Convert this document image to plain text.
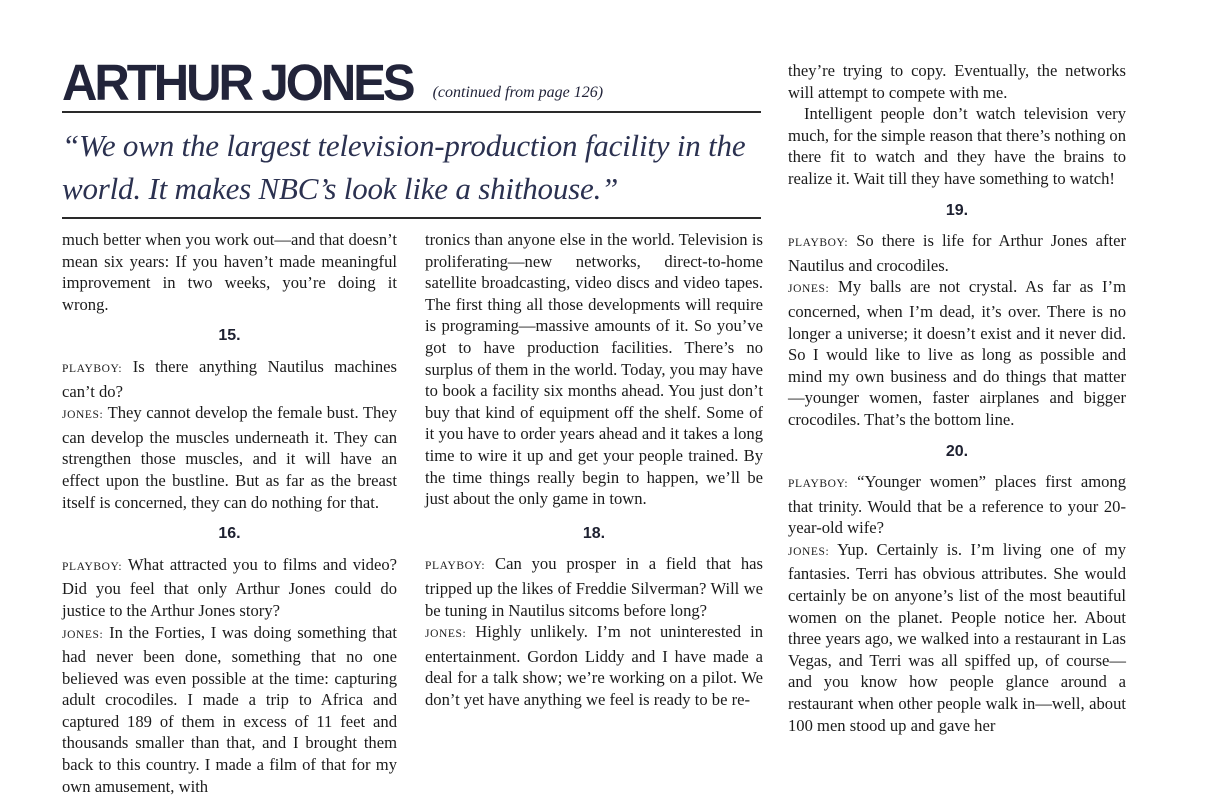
ARTHUR JONES (continued from page 126)
“We own the largest television-production facility in the world. It makes NBC’s look like a shithouse.”

much better when you work out—and that doesn’t mean six years: If you haven’t made meaningful improvement in two weeks, you’re doing it wrong.

15.

PLAYBOY: Is there anything Nautilus machines can’t do?

JONES: They cannot develop the female bust. They can develop the muscles underneath it. They can strengthen those muscles, and it will have an effect upon the bustline. But as far as the breast itself is concerned, they can do nothing for that.

16.

PLAYBOY: What attracted you to films and video? Did you feel that only Arthur Jones could do justice to the Arthur Jones story?

JONES: In the Forties, I was doing something that had never been done, something that no one believed was even possible at the time: capturing adult crocodiles. I made a trip to Africa and captured 189 of them in excess of 11 feet and thousands smaller than that, and I brought them back to this country. I made a film of that for my own amusement, with

tronics than anyone else in the world. Television is proliferating—new networks, direct-to-home satellite broadcasting, video discs and video tapes. The first thing all those developments will require is programing—massive amounts of it. So you’ve got to have production facilities. There’s no surplus of them in the world. Today, you may have to book a facility six months ahead. You just don’t buy that kind of equipment off the shelf. Some of it you have to order years ahead and it takes a long time to wire it up and get your people trained. By the time things really begin to happen, we’ll be just about the only game in town.

18.

PLAYBOY: Can you prosper in a field that has tripped up the likes of Freddie Silverman? Will we be tuning in Nautilus sitcoms before long?

JONES: Highly unlikely. I’m not uninterested in entertainment. Gordon Liddy and I have made a deal for a talk show; we’re working on a pilot. We don’t yet have anything we feel is ready to be re-

they’re trying to copy. Eventually, the networks will attempt to compete with me.

Intelligent people don’t watch television very much, for the simple reason that there’s nothing on there fit to watch and they have the brains to realize it. Wait till they have something to watch!

19.

PLAYBOY: So there is life for Arthur Jones after Nautilus and crocodiles.

JONES: My balls are not crystal. As far as I’m concerned, when I’m dead, it’s over. There is no longer a universe; it doesn’t exist and it never did. So I would like to live as long as possible and mind my own business and do things that matter—younger women, faster airplanes and bigger crocodiles. That’s the bottom line.

20.

PLAYBOY: “Younger women” places first among that trinity. Would that be a reference to your 20-year-old wife?

JONES: Yup. Certainly is. I’m living one of my fantasies. Terri has obvious attributes. She would certainly be on anyone’s list of the most beautiful women on the planet. People notice her. About three years ago, we walked into a restaurant in Las Vegas, and Terri was all spiffed up, of course—and you know how people glance around a restaurant when other people walk in—well, about 100 men stood up and gave her
